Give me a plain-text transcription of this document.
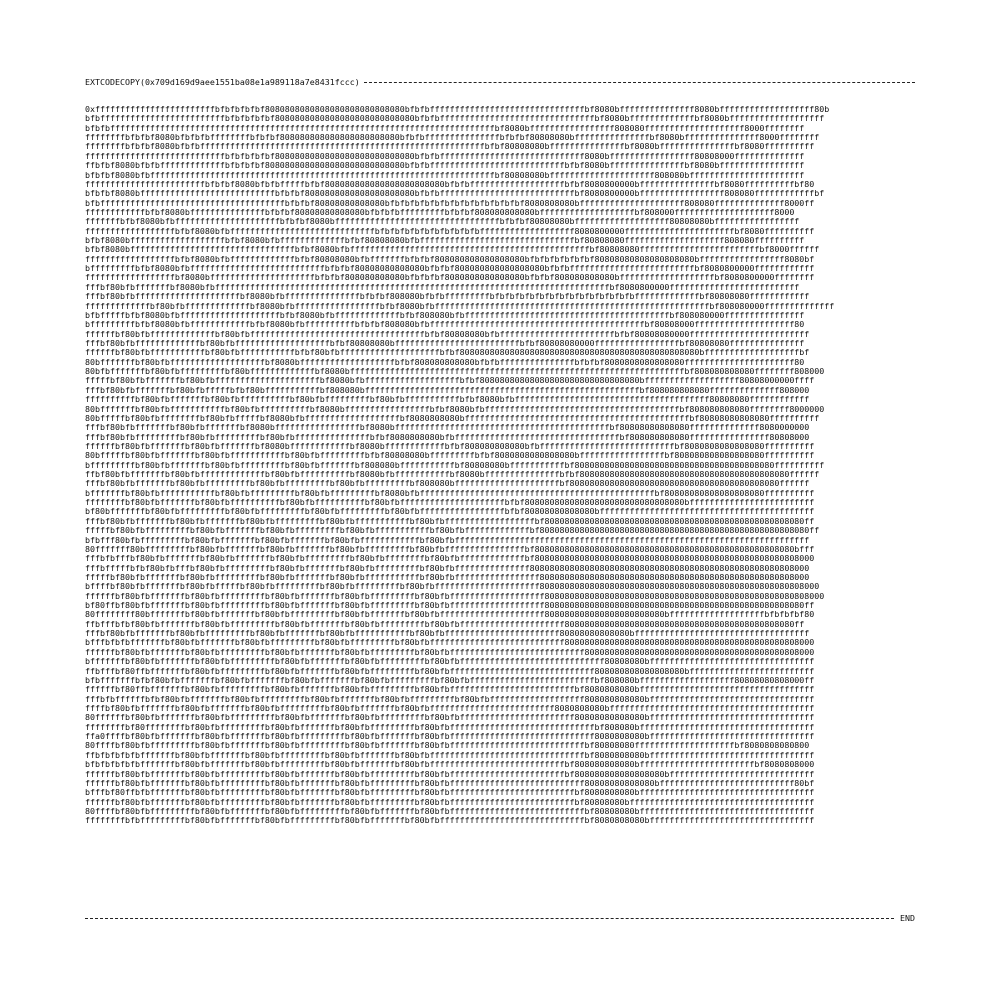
EXTCODECOPY(0x709d169d9aee1551ba08e1a989118a7e8431fccc)
0xffffffffffffffffffffffffbfbfbfbfbf8080808080808080808080808080bfbfbfffffffffffffffffffffffffffffffbf8080bfffffffffffffff8080bfffffffffffffffffff80b
bfbfffffffffffffffffffffffffbfbfbfbfbf8080808080808080808080808080bfbfbfffffffffffffffffffffffffffffffbf8080bfffffffffffffbf8080bfffffffffffffffffff
bfbfbfffffffffffffffffffffffffffffffffffffffffffffffffffffffffffffffffffffffffffffbf8080bfffffffffffffffff808080ffffffffffffffffffff8000ffffffff
ffffffffbfbfbf8080bfbfbfbffffffffbfbfbf808080808080808080808080bfbfbfffffffffffffffbfbfbf80808080bfffffffffffffffbf8080bfffffffffffffff8000ffffffff
ffffffffbfbfbf8080bfbfbfffffffffffffffffffffffffffffffffffffffffffffffffffffffffbfbf80808080bfffffffffffffffbf8080bfffffffffffffffbf8080ffffffffff
ffffffffffffffffffffffffffffbfbfbfbfbf8080808080808080808080808080bfbfbfffffffffffffffffffffffffffff8080bfffffffffffffffff80808000ffffffffffffff
ffbfbf8080bfbfbfffffffffffffbfbfbfbf8080808080808080808080808080bfbfbfffffffffffffffffffffffffffbfbf8080bfffffffffffffffbf8080bfffffffffffffffff
bfbfbf8080bfbfffffffffffffffffffffffffffffffffffffffffffffffffffffffffffffffffffffbf80808080bfffffffffffffffffffff808080bfffffffffffffffffffffff
ffffffffffffffffffffffffbfbfbf8080bfbfbfffffbfbf808080808080808080808080bfbfbfffffffffffffffffffbfbf8080800000bfffffffffffffffbf8080ffffffffffbf80
bfbfbf8080bfffffffffffffffffffffffffffbfbfbf8080808080808080808080bfbfbfffffffffffffffffffffffffffbf8080800000bfffffffffffffffff808080ffffffffffffbf
bfbfffffffffffffffffffffffffffffffffffffbfbfbf80808080808080bfbfbfbfbfbfbfbfbfbfbfbfbfbf8080808080bfffffffffffffffffffff808080ffffffffffffff8000ff
ffffffffffffbfbf8080bfffffffffffffffbfbfbf80808080808080bfbfbfbfffffffffbfbfbf808080808080bfffffffffffffffffffbf808000ffffffffffffffffffff8000
fffffffbfbf8080bfbfffffffffffffffffffffbfbfbf8080bfffffffffffffffffffffffffffffffffbfbfbf80808080bfffffffffffffffffff80808080bfffffffffffffffff
ffffffffffffffffffbfbf8080bfbfffffffffffffffffffffffffffffbfbfbfbfbfbfbfbfbfbfbfffffffffffffffffff8080800000ffffffffffffffffffffffbf8080ffffffffff
bfbf8080bfffffffffffffffffffbfbf8080bfbfffffffffffffbfbf80808080bfbfffffffffffffffffffffffffffffffbf80808080ffffffffffffffffffff808080ffffffffff
bfbf8080bfffffffffffffffffffffffffffffffffbfbf8080bfbffffffffffffffffffffffffffffffffffffffffffffffffbf80808080ffffffffffffffffffffffffbf8000ffffff
ffffffffffffffffffbfbf8080bfbfffffffffffffbfbf80808080bfbfffffffbfbfbf808080808080808080bfbfbfbfbfbfbf80808080808080808080bfffffffffffffffff8080bf
bfffffffffbfbf8080bfbfffffffffffffffffffffffffffbfbfbf80808080808080bfbfbf808080808080808080bfbfbfffffffffffffffffffffffffbf8080800000ffffffffffff
ffffffffffffffffffbf8080bfffffffffffffffffffffbfbfbf808080808080bfbfbfbf8080808080808080bfbfbf808080808080bfffffffffffffffffffbf8080800000ffffffff
fffbf80bfbfffffffbf8080bfbfffffffffffffffffffffffffffffffffffffffffffffffffffffffffffffffffffffffffffffffbf8080800000ffffffffffffffffffffffffff
fffbf80bfbfffffffffffffffffffffbf8080bfbfffffffffffffffbfbfbf808080bfbfbfffffffffbfbfbfbfbfbfbfbfbfbfbfbfbfbfbfffffffffffffbf80808080ffffffffffff
fffffffffffffbf80bfbfffffffffffffbf8080bfbfffffffffffffffffbfbf8080bfbfffffffffffffffffffffffffffffffffffffffffffffffffffffffbf808080000ffffffffffffff
bfbfffffbfbf8080bfbffffffffffffffffffffbfbf8080bfbfffffffffffffbfbf808080bfbfffffffffffffffffffffffffffffffffffffffffbf808080000ffffffffffffffff
bfffffffffbfbf8080bfbffffffffffffbfbf8080bfbffffffffffbfbfbf808080bfbfffffffffffffffffffffffffffffffffffffffffffbf80808000ffffffffffffffffffff80
ffffffbf80bfbfffffffffffffbf80bfbfffffffffffffffffffffffffffffffffffbfbf80808080bfbfffffffffffffffffffffffbfbf80808080000ffffffffffffffffffffffff
fffbf80bfbfffffffffffffbf80bfbfffffffffffffffffffbfbf80808080bfffffffffffffffffffffffffbfbf80808080000fffffffffffffffffbf80808080fffffffffffffff
ffffffbf80bfbfffffffffffbf80bfbfffffffffffbfbf80bfbffffffffffffffffffffbfbf808080808080808080808080808080808080808080808080bfffffffffffffffffffbf
80bfffffffbf80bfbfffffffffffffffffffbf8080bfffffffffffffffffffbfbf808080808080bfbfbfffffffffffffffbfbfbf8080808080808080ffffffffffffffffffffff80
80bfbfffffffbf80bfbfffffffffbf80bfffffffffffffbf8080bfffffffffffffffffffffffffffffffffffffffffffffffffffffffffffffffffffbf808080808080ffffffff808000
fffffbf80bfbfffffffbf80bfbfffffffffffffffffffffbf8080bfbfffffffffffffffffffbfbf80808080808080808080808080808080bfffffffffffffffffff80808000000ffff
fffbf80bfbfffffffbf80bfbfffffbfbf80bfffffffffffbf808080bfffffffffffffffffffffffffffffffffffffffffffffffffffffffbf808080808080ffffffffffffff808000
ffffffffffbf80bfbfffffffbf80bfbffffffffffbf80bfbfffffffffbf80bfbfffffffffffbfbf8080bfbfffffffffffffffffffffffffffffffffffffff80808080ffffffffffff
80bfffffffbf80bfbfffffffffffbf80bfbffffffffffbf8080bfffffffffffffffffbfbf8080bfbfffffffffffffffffffffffffffffffffffffffbf808080808080ffffffff8000000
80bfffffbf80bfbffffffffbf80bfbfffffbf8080bfbfffffffffffffffffffbf8080808080bfffffffffffffffffffffffffffffffffffffffffffffbf80808080808080ffffffffff
fffbf80bfbfffffffbf80bfbfffffffbf8080bfffffffffffffffffbf8080bfffffffffffffffffffffffffffffffffffffffffffbf80808080808080ffffffffffffff8080000000
fffbf80bfbfffffffffbf80bfbfffffffffbf80bfbfffffffffffffffbfbf8080808080bfbfffffffffffffffffffffffffffffffffbf808080808080ffffffffffffffff80808000
ffffffbf80bfbfffffffbf80bfbfffffffbf8080bffffffffffffbf8080bffffffffffffbfbf808080808080bfbfffffffffffffffffffffffffffbf8080808080808080ffffffffff
80bfffffbf80bfbfffffffbf80bfbfffffffffffbf80bfbfffffffffbfbf80808080bfffffffffbfbf8080808080808080bfffffffffffffffffbf808080808080808080ffffffffff
bfffffffffbf80bfbfffffffbf80bfbfffffffffbf80bfbfffffffbf808080bfffffffffffbf80808080bfffffffffffbf8080808080808080808080808080808080808080ffffffffff
ffbf80bfbfffffffbf80bfbfffffffffffffbf80bfbffffffffffbf8080bfbfffffffffffbf8080bfffffffffffffffbfbf808080808080808080808080808080808080808080ffffff
fffbf80bfbfffffffbf80bfbfffffffffbf80bfbfffffffffbf80bfbfffffffffbf808080bfffffffffffffffffffffbf808080808080808080808080808080808080808080ffffff
bfffffffbf80bfbfffffffffffbf80bfbfffffffffbf80bfbfffffffffbf8080bfbfffffffffffffffffffffffffffffffffffffffffffffffbf80808080808080808080ffffffffff
ffffffffbf80bfbfffffffbf80bfbffffffffffbf80bfbffffffffffbf80bfbfffffffffffffffffffffbfbf80808080808080808080808080808080bfffffffffffffffffffffffff
bf80bfffffffbf80bfbfffffffffbf80bfbfffffffffbf80bfbfffffffffbf80bfbfffffffffffffffffbfbf80808080808080bfffffffffffffffffffffffffffffffffffffffffff
fffbf80bfbfffffffbf80bfbfffffffbf80bfbfffffffffbf80bfbfffffffffffbf80bfbffffffffffffffffffbf8080808080808080808080808080808080808080808080808080ff
fffffbf80bfbfffffffffbf80bfbfffffffbf80bfbfffffffffbf80bfbfffffffffffbf80bfbfffffffffffffbf808080808080808080808080808080808080808080808080808080ff
bfbfff80bfbfffffffffbf80bfbfffffffbf80bfbfffffffbf80bfbffffffffffffbf80bfbfffffffffffffffffffffffffffffffffffffffffffffffffffffffffffffffffffffff
80fffffff80bfffffffffbf80bfbfffffffbf80bfbfffffffbf80bfbfffffffffbf80bfbffffffffffffffffbf8080808080808080808080808080808080808080808080808080bfff
fffbfbfffbf80bfbfffffffbf80bfbfffffffbf80bfbfffffffffbf80bfbffffffffbf80bfbfffffffffffffbf80808080808080808080808080808080808080808080808080808000
fffbfffffbfbf80bfbfffbf80bfbfffffffffbf80bfbfffffffbf80bfbfffffffffbf80bfbfffffffffffffff80808080808080808080808080808080808080808080808080808000
fffffbf80bfbfffffffbf80bfbfffffffffbf80bfbfffffffbf80bfbfffffffffffbf80bfbfffffffffffffffff808080808080808080808080808080808080808080808080808000
bffffbf80bfbfffffffbf80bfbfffffbf80bfbfffffffffbf80bfbfffffffffbf80bfbfffffffffffffffffffff80808080808080808080808080808080808080808080808080808000
ffffffbf80bfbfffffffbf80bfbfffffffffbf80bfbfffffffbf80bfbfffffffffbf80bfbfffffffffffffffffff80808080808080808080808080808080808080808080808080808000
bf80ffbf80bfbfffffffbf80bfbfffffffffbf80bfbfffffffbf80bfbfffffffffbf80bfbfffffffffffffffffff8080808080808080808080808080808080808080808080808080ff
80ffffffff80bfffffffbf80bfbfffffffbf80bfbfffffffffbf80bfbfffffffbf80bfbfffffffffffffffffffff808080808080808080808080bfffffffffffffffffffbfbfbfbf80
ffbfffbfbf80bfbfffffffbf80bfbfffffffffbf80bfbfffffffbf80bfbfffffffffbf80bfbfffffffffffffffffffff8080808080808080808080808080808080808080808080ff
fffbf80bfbfffffffbf80bfbfffffffffbf80bfbfffffffbf80bfbfffffffffffbf80bfbfffffffffffffffffffffff80808080808080bfffffffffffffffffffffffffffffffffff
bfffbfbfbfffffffbf80bfbfffffffbf80bfbfffffffffbf80bfbfffffffffbf80bfbfffffffffffffffffffffffffff80808080808080808080808080808080808080808080808000
ffffffbf80bfbfffffffbf80bfbfffffffffbf80bfbfffffffbf80bfbfffffffffbf80bfbfffffffffffffffffffffffffff8080808080808080808080808080808080808080808000
bfffffffbf80bfbfffffffbf80bfbfffffffffbf80bfbfffffffbf80bfbfffffffffbf80bfbfffffffffffffffffffffffffffff80808080bfffffffffffffffffffffffffffffffff
ffbfffbf80ffbfffffffbf80bfbfffffffffbf80bfbfffffffbf80bfbfffffffffbf80bfbfffffffffffffffffffffffffffff808080808080808080bfffffffffffffffffffffffff
bfbfffffffbfbf80bfbfffffffbf80bfbfffffffbf80bfbfffffffbf80bfbfffffffffbf80bfbfffffffffffffffffffffffffbf808080bfffffffffffffffffff80808080808000ff
ffffffbf80ffbfffffffbf80bfbfffffffffbf80bfbfffffffbf80bfbfffffffffbf80bfbfffffffffffffffffffffffffbf8080808080bfffffffffffffffffffffffffffffffffff
fffbfbffffffbfbf80bfbfffffffbf80bfbfffffffffbf80bfbfffffffbf80bfbfffffffffbf80bfbfffffffffffffffffff808080808080bfffffffffffffffffffffffffffffffff
ffffbf80bfbfffffffbf80bfbfffffffbf80bfbfffffffffbf80bfbfffffffbf80bfbfffffffffffffffffffffffff8080808080bfffffffffffffffffffffffffffffffffffffffff
80ffffffbf80bfbfffffffbf80bfbfffffffffbf80bfbfffffffbf80bfbfffffffffbf80bfbfffffffffffffffffffffff80808080808080bfffffffffffffffffffffffffffffffff
ffffffffbf80ffffffffbf80bfbfffffffffbf80bfbfffffffbf80bfbfffffffffbf80bfbfffffffffffffffffffffffffffffbf808080bfffffffffffffffffffffffffffffffffff
ffa0ffffbf80bfbfffffffbf80bfbfffffffbf80bfbfffffffffbf80bfbfffffffbf80bfbfffffffffffffffffffffffffffff8080808080bfffffffffffffffffffffffffffffffff
80ffffbf80bfbfffffffffbf80bfbfffffffbf80bfbfffffffffbf80bfbfffffffbf80bfbfffffffffffffffffffffffffffbf80808080ffffffffffffffffffffbf8080808080800
ffbfbfbfbfbfffffffbf80bfbfffffffbf80bfbfffffffffbf80bfbfffffffbf80bfbfffffffffffffffffffffffffffffffbf8080808080bfffffffffffffffffffffffffffffffff
bfbfbfbfbfbfffffffbf80bfbfffffffbf80bfbfffffffffbf80bfbfffffffbf80bfbfffffffffffffffffffffffffffbf808080808080bfffffffffffffffffffffffbf8080808000
ffffffbf80bfbfffffffbf80bfbfffffffffbf80bfbfffffffbf80bfbfffffffffbf80bfbfffffffffffffffffffffffbf808080808080808080bfffffffffffffffffffffffffffff
ffffffbf80bfbfffffffbf80bfbfffffffffbf80bfbfffffffbf80bfbfffffffffbf80bfbfffffffffffffffffffffffffff80808080808080bfffffffffffffffffffffffffff80bf
bfffbf80ffbfbfffffffbf80bfbfffffffffbf80bfbfffffffbf80bfbfffffffffbf80bfbfffffffffffffffffffffffffbf8080808080bfffffffffffffffffffffffffffffffffff
ffffffbf80bfbfffffffbf80bfbfffffffffbf80bfbfffffffbf80bfbfffffffffbf80bfbfffffffffffffffffffffffffbf80808080bfffffffffffffffffffffffffffffffffffff
80ffffbf80bfbfffffffffbf80bfbfffffffbf80bfbfffffffffbf80bfbfffffffbf80bfbfffffffffffffffffffffffffffbf80808080bfffffffffffffffffffffffffffffffffff
ffffffffbfbfffffffffbf80bfbfffffffbf80bfbfffffffffbf80bfbfffffffbf80bfbfffffffffffffffffffffffffffffbf8080808080bfffffffffffffffffffffffffffffffff
END
